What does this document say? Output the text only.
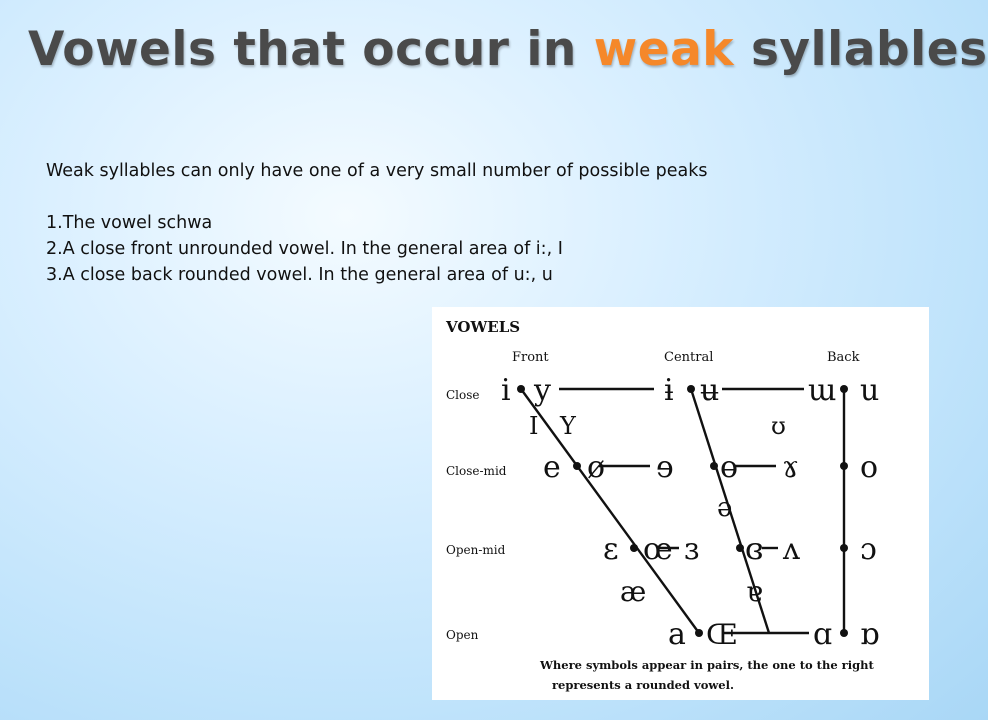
Vowels that occur in weak syllables

Weak syllables can only have one of a very small number of possible peaks

1.The vowel schwa

2.A close front unrounded vowel. In the general area of i:, I

3.A close back rounded vowel. In the general area of u:, u

VOWELS
Front	Central	Back
Close
Close-mid
Open-mid
Open
i y	ɨ ʉ	ɯ u
I Y	ʊ
e ø ɘ ɵ ɤ o
ə
ɛ œ ɜ ɞ ʌ ɔ
æ	ɐ
a Œ	ɑ ɒ
Where symbols appear in pairs, the one to the right
represents a rounded vowel.
